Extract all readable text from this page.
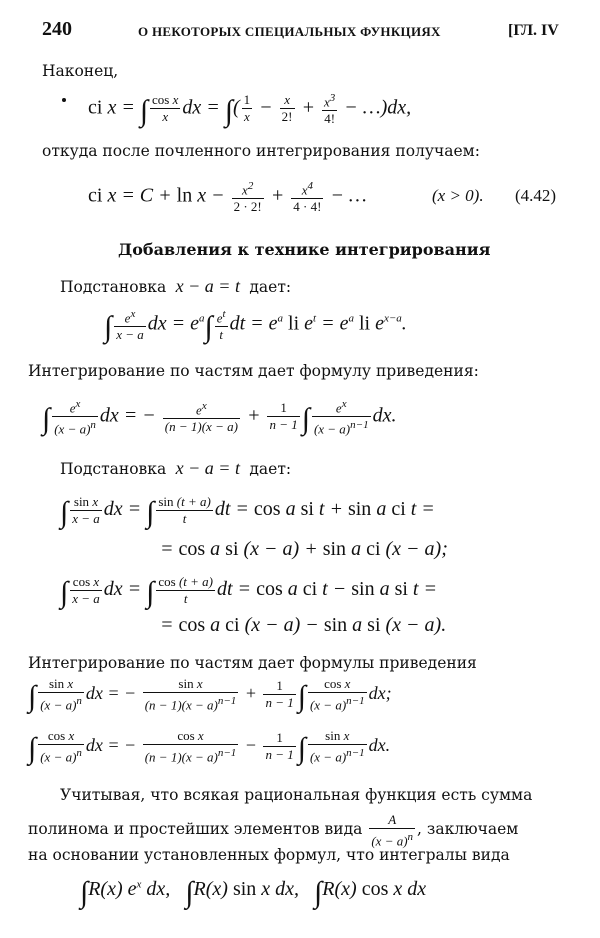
240	О НЕКОТОРЫХ СПЕЦИАЛЬНЫХ ФУНКЦИЯХ	[ГЛ. IV
Наконец,
ci x = ∫ $\frac{\text{cos x}}{x}$ dx = ∫( $\frac{1}{x} - \frac{x}{2!} + \frac{x^3}{4!}$ − …)dx,
откуда после почленного интегрирования получаем:
ci $x = C + \ln x - \frac{x^2}{2 \cdot 2!} + \frac{x^4}{4 \cdot 4!}$ − …	(x > 0). (4.42)
Добавления к технике интегрирования
Подстановка  x − a = t  дает:
∫ $\frac{e^x}{x - a}$ dx = $e^a\int \frac{e^t}{t}$ dt = $e^a$ li $e^t = e^a$ li $e^{x-a}$.
Интегрирование по частям дает формулу приведения:
∫ $\frac{e^x}{(x - a)^n}$ dx = − $\frac{e^x}{(n - 1)(x - a)} + \frac{1}{n - 1}$ ∫ $\frac{e^x}{(x - a)^{n-1}}$ dx.
Подстановка  x − a = t  дает:
∫ $\frac{\text{sin x}}{x - a}$ dx = ∫ $\frac{\sin (t + a)}{t}$ dt = cos a si t + sin a ci t =
= cos a si (x − a) + sin a ci (x − a);
∫ $\frac{\text{cos x}}{x - a}$ dx = ∫ $\frac{\cos (t + a)}{t}$ dt = cos a ci t − sin a si t =
= cos a ci (x − a) − sin a si (x − a).
Интегрирование по частям дает формулы приведения
∫ $\frac{\text{sin x}}{(x - a)^n}$ dx = − $\frac{\text{sin x}}{(n - 1)(x - a)^{n-1}} + \frac{1}{n - 1}$ ∫ $\frac{\text{cos x}}{(x - a)^{n-1}}$ dx;
∫ $\frac{\text{cos x}}{(x - a)^n}$ dx = − $\frac{\text{cos x}}{(n - 1)(x - a)^{n-1}} - \frac{1}{n - 1}$ ∫ $\frac{\text{sin x}}{(x - a)^{n-1}}$ dx.
Учитывая, что всякая рациональная функция есть сумма
полинома и простейших элементов вида $\frac{A}{(x - a)^n}$ , заключаем
на основании установленных формул, что интегралы вида
∫R(x) $e^x$ dx,   ∫R(x) sin x dx,   ∫R(x) cos x dx
